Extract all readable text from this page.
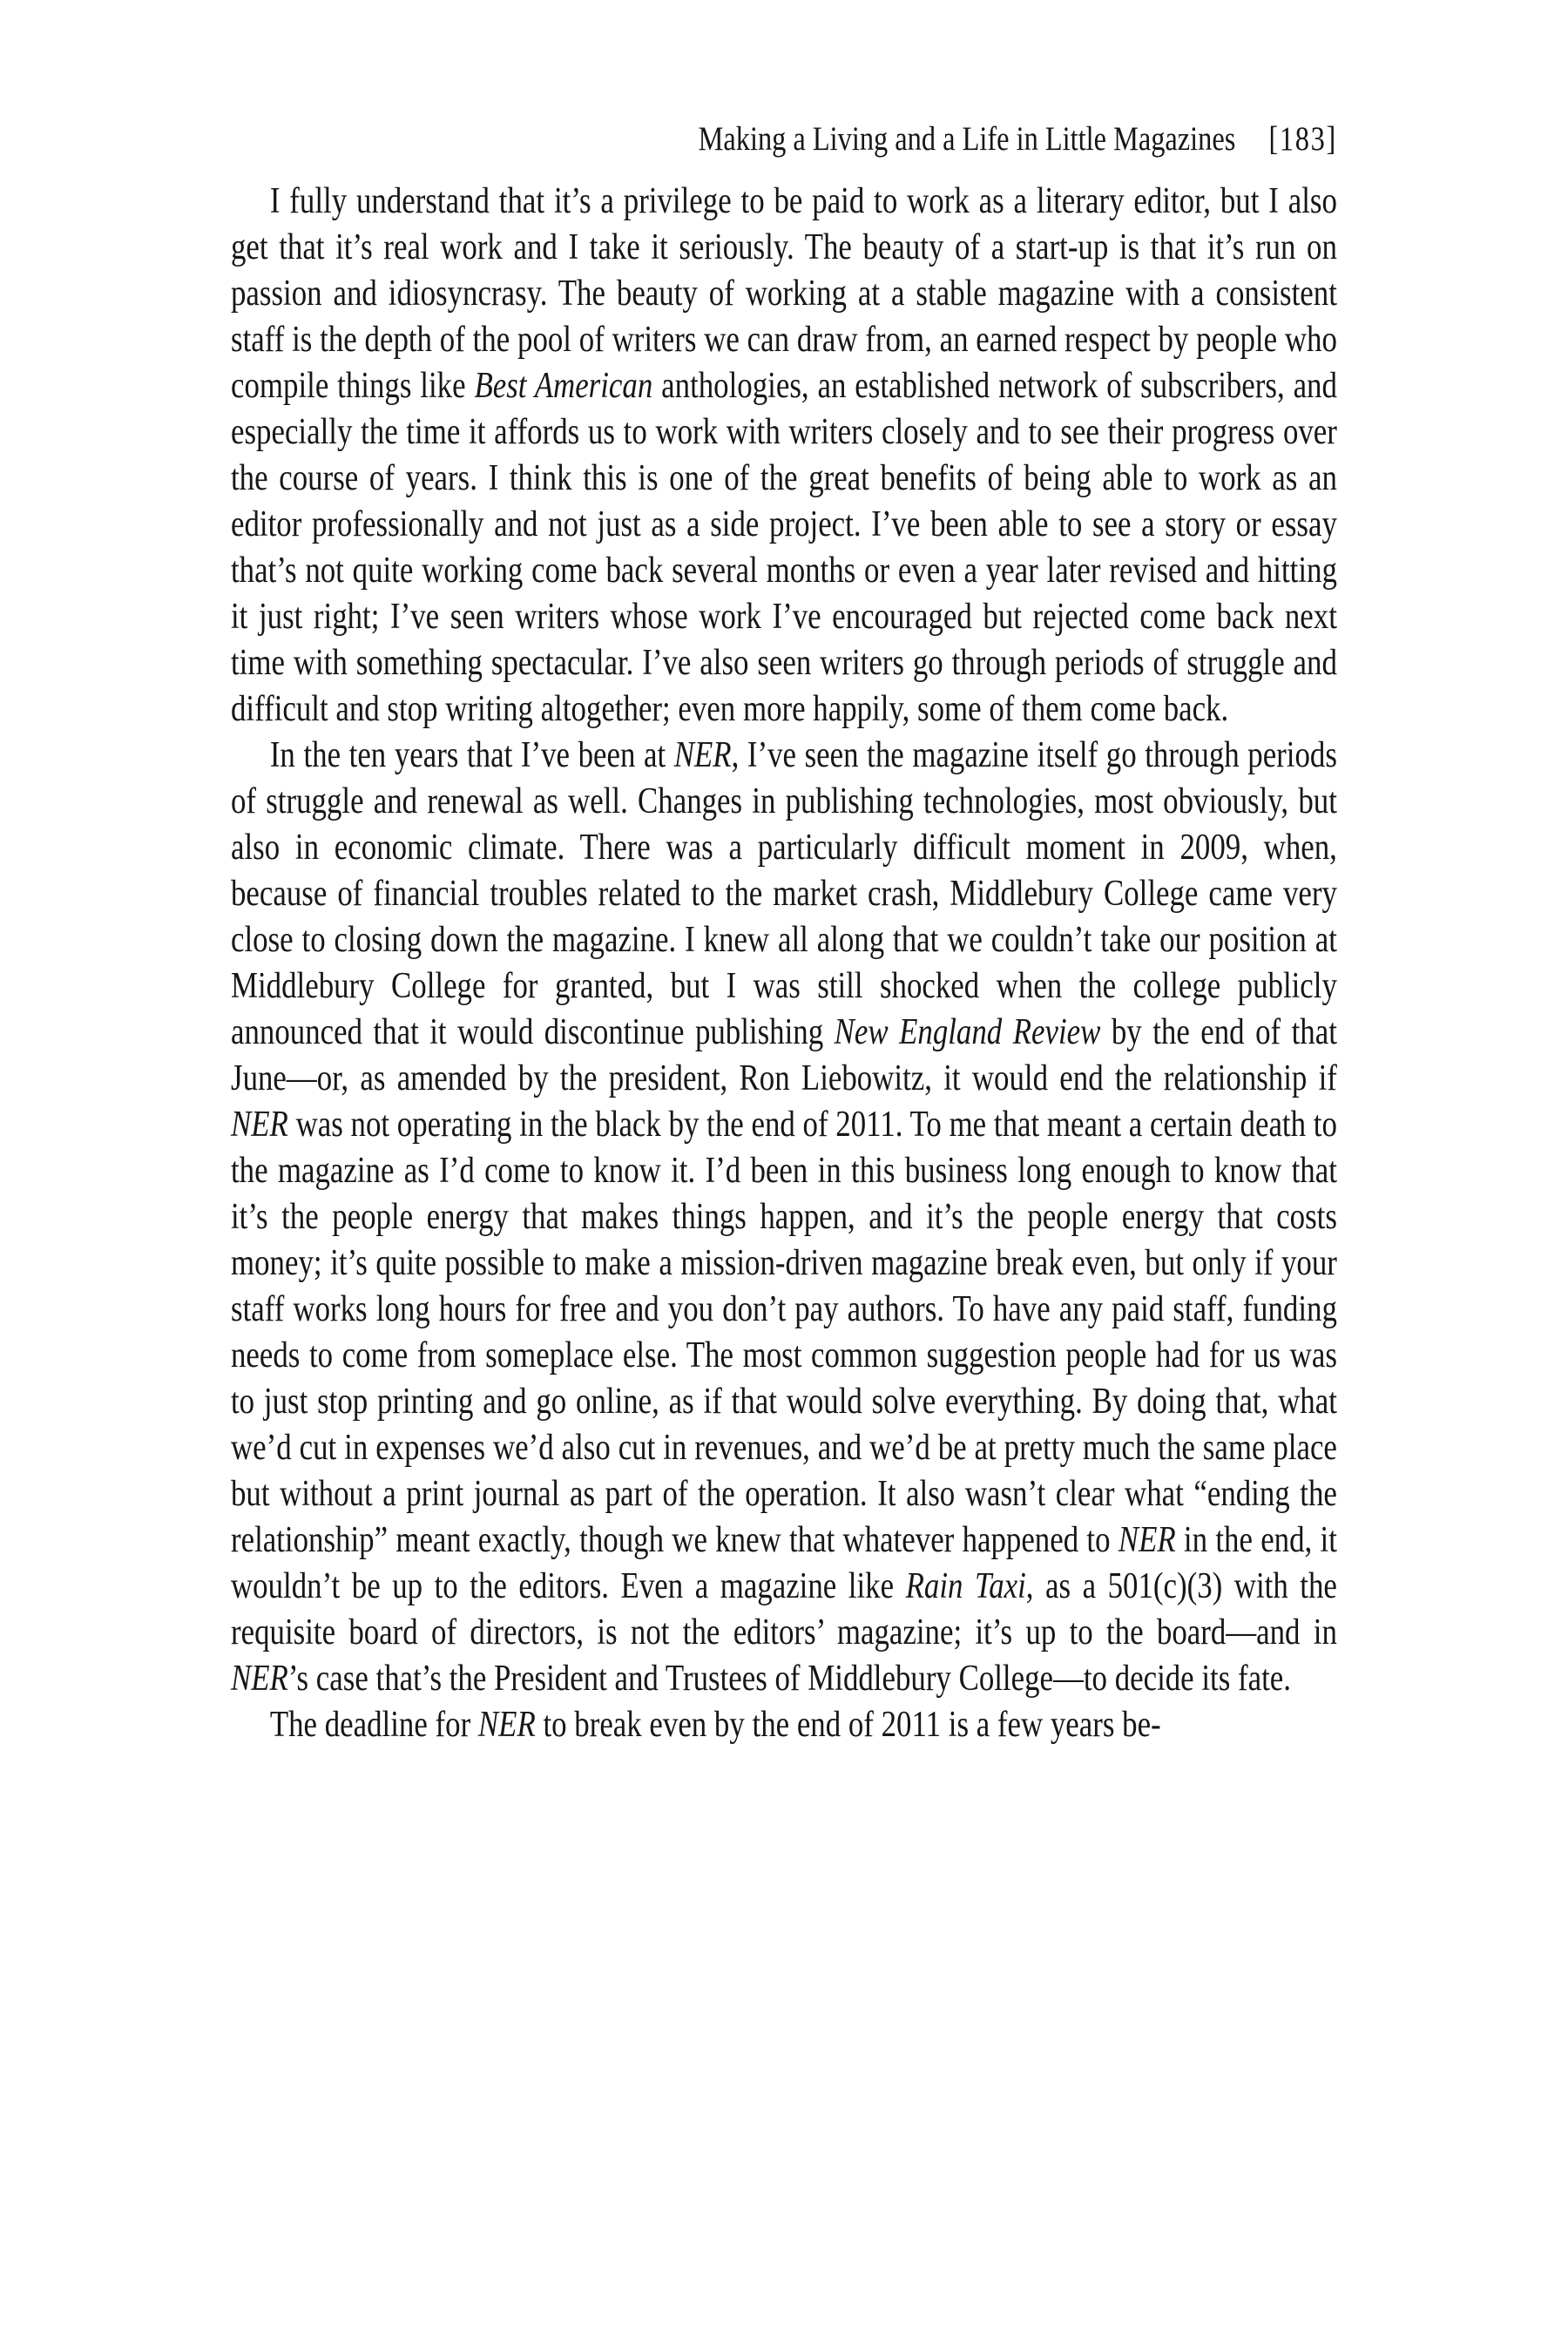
Making a Living and a Life in Little Magazines [183]

I fully understand that it’s a privilege to be paid to work as a literary editor, but I also get that it’s real work and I take it seriously. The beauty of a start-up is that it’s run on passion and idiosyncrasy. The beauty of working at a stable magazine with a consistent staff is the depth of the pool of writers we can draw from, an earned respect by people who compile things like Best American anthologies, an established network of subscribers, and especially the time it affords us to work with writers closely and to see their progress over the course of years. I think this is one of the great benefits of being able to work as an editor professionally and not just as a side project. I’ve been able to see a story or essay that’s not quite working come back several months or even a year later revised and hitting it just right; I’ve seen writers whose work I’ve encouraged but rejected come back next time with something spectacular. I’ve also seen writers go through periods of struggle and difficult and stop writing altogether; even more happily, some of them come back.

In the ten years that I’ve been at NER, I’ve seen the magazine itself go through periods of struggle and renewal as well. Changes in publishing technologies, most obviously, but also in economic climate. There was a particularly difficult moment in 2009, when, because of financial troubles related to the market crash, Middlebury College came very close to closing down the magazine. I knew all along that we couldn’t take our position at Middlebury College for granted, but I was still shocked when the college publicly announced that it would discontinue publishing New England Review by the end of that June—or, as amended by the president, Ron Liebowitz, it would end the relationship if NER was not operating in the black by the end of 2011. To me that meant a certain death to the magazine as I’d come to know it. I’d been in this business long enough to know that it’s the people energy that makes things happen, and it’s the people energy that costs money; it’s quite possible to make a mission-driven magazine break even, but only if your staff works long hours for free and you don’t pay authors. To have any paid staff, funding needs to come from someplace else. The most common suggestion people had for us was to just stop printing and go online, as if that would solve everything. By doing that, what we’d cut in expenses we’d also cut in revenues, and we’d be at pretty much the same place but without a print journal as part of the operation. It also wasn’t clear what “ending the relationship” meant exactly, though we knew that whatever happened to NER in the end, it wouldn’t be up to the editors. Even a magazine like Rain Taxi, as a 501(c)(3) with the requisite board of directors, is not the editors’ magazine; it’s up to the board—and in NER’s case that’s the President and Trustees of Middlebury College—to decide its fate.

The deadline for NER to break even by the end of 2011 is a few years be-
